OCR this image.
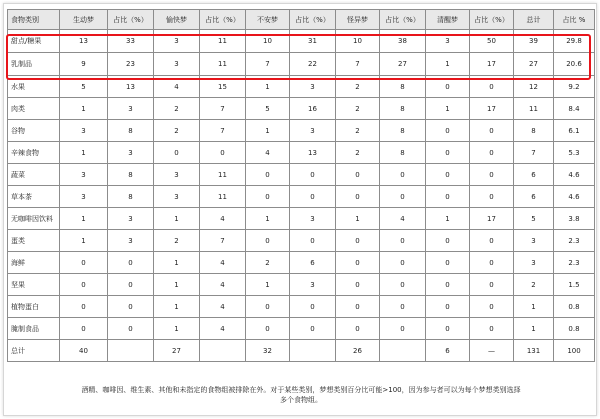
食物类别	生动梦	占比（%）	愉快梦	占比（%）	不安梦	占比（%）	怪异梦	占比（%）	清醒梦	占比（%）	总计	占比 %
甜点/糖果	13	33	3	11	10	31	10	38	3	50	39	29.8
乳制品	9	23	3	11	7	22	7	27	1	17	27	20.6
水果	5	13	4	15	1	3	2	8	0	0	12	9.2
肉类	1	3	2	7	5	16	2	8	1	17	11	8.4
谷物	3	8	2	7	1	3	2	8	0	0	8	6.1
辛辣食物	1	3	0	0	4	13	2	8	0	0	7	5.3
蔬菜	3	8	3	11	0	0	0	0	0	0	6	4.6
草本茶	3	8	3	11	0	0	0	0	0	0	6	4.6
无咖啡因饮料	1	3	1	4	1	3	1	4	1	17	5	3.8
蛋类	1	3	2	7	0	0	0	0	0	0	3	2.3
海鲜	0	0	1	4	2	6	0	0	0	0	3	2.3
坚果	0	0	1	4	1	3	0	0	0	0	2	1.5
植物蛋白	0	0	1	4	0	0	0	0	0	0	1	0.8
腌制食品	0	0	1	4	0	0	0	0	0	0	1	0.8
总计	40		27		32		26		6	—	131	100
酒精、咖啡因、维生素、其他和未指定的食物组被排除在外。对于某些类别，梦想类别百分比可能>100，因为参与者可以为每个梦想类别选择
多个食物组。
